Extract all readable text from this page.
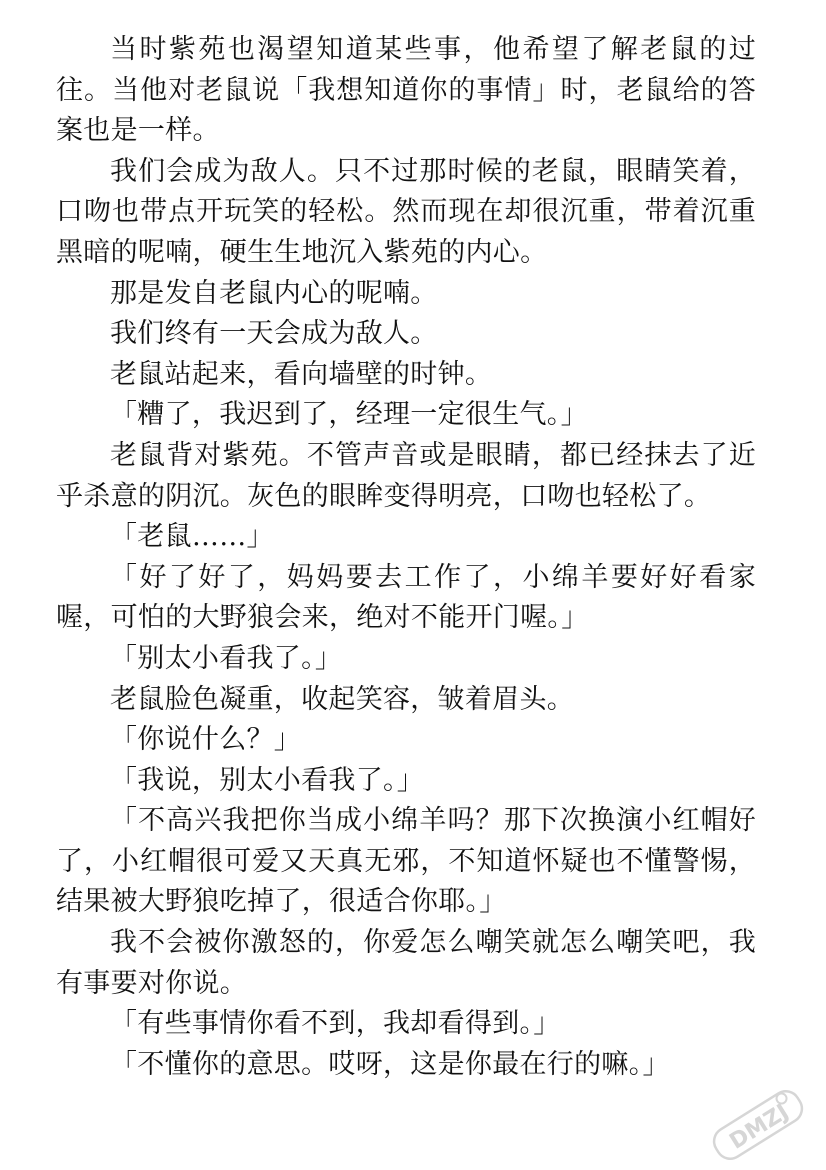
当时紫苑也渴望知道某些事，他希望了解老鼠的过往。当他对老鼠说「我想知道你的事情」时，老鼠给的答案也是一样。

我们会成为敌人。只不过那时候的老鼠，眼睛笑着，口吻也带点开玩笑的轻松。然而现在却很沉重，带着沉重黑暗的呢喃，硬生生地沉入紫苑的内心。

那是发自老鼠内心的呢喃。

我们终有一天会成为敌人。

老鼠站起来，看向墙壁的时钟。

「糟了，我迟到了，经理一定很生气。」

老鼠背对紫苑。不管声音或是眼睛，都已经抹去了近乎杀意的阴沉。灰色的眼眸变得明亮，口吻也轻松了。

「老鼠……」

「好了好了，妈妈要去工作了，小绵羊要好好看家喔，可怕的大野狼会来，绝对不能开门喔。」

「别太小看我了。」

老鼠脸色凝重，收起笑容，皱着眉头。

「你说什么？」

「我说，别太小看我了。」

「不高兴我把你当成小绵羊吗？那下次换演小红帽好了，小红帽很可爱又天真无邪，不知道怀疑也不懂警惕，结果被大野狼吃掉了，很适合你耶。」

我不会被你激怒的，你爱怎么嘲笑就怎么嘲笑吧，我有事要对你说。

「有些事情你看不到，我却看得到。」

「不懂你的意思。哎呀，这是你最在行的嘛。」

DMZJ
